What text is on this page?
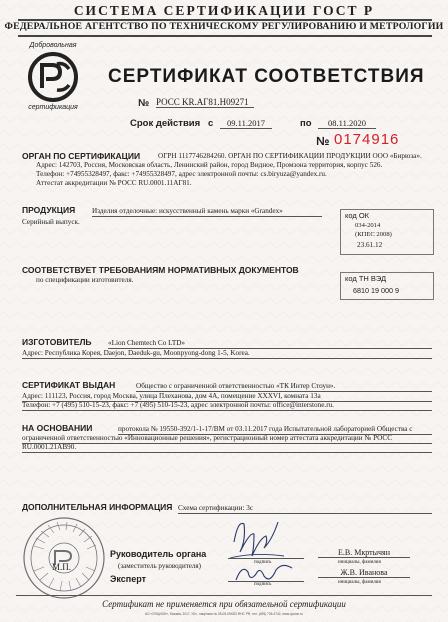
СИСТЕМА СЕРТИФИКАЦИИ ГОСТ Р
ФЕДЕРАЛЬНОЕ АГЕНТСТВО ПО ТЕХНИЧЕСКОМУ РЕГУЛИРОВАНИЮ И МЕТРОЛОГИИ
Добровольная
сертификация
СЕРТИФИКАТ СООТВЕТСТВИЯ
№ РОСС KR.АГ81.H09271
Срок действия с	09.11.2017	по	08.11.2020
№ 0174916
ОРГАН ПО СЕРТИФИКАЦИИ ОГРН 1117746284260. ОРГАН ПО СЕРТИФИКАЦИИ ПРОДУКЦИИ ООО «Бирюза».
Адрес: 142703, Россия, Московская область, Ленинский район, город Видное, Промзона территория, корпус 526.
Телефон: +74955328497, факс: +74955328497, адрес электронной почты: cs.biryuza@yandex.ru.
Аттестат аккредитации № РОСС RU.0001.11АГ81.
ПРОДУКЦИЯ Изделия отделочные: искусственный камень марки «Grandex»
Серийный выпуск.
код ОК
034-2014
(КПЕС 2008)
23.61.12
СООТВЕТСТВУЕТ ТРЕБОВАНИЯМ НОРМАТИВНЫХ ДОКУМЕНТОВ
по спецификации изготовителя.	код ТН ВЭД
6810 19 000 9
ИЗГОТОВИТЕЛЬ «Lion Chemtech Co LTD»
Адрес: Республика Корея, Daejon, Daeduk-gu, Moonpyong-dong 1-5, Korea.
СЕРТИФИКАТ ВЫДАН	Общество с ограниченной ответственностью «ТК Интер Стоун».
Адрес: 111123, Россия, город Москва, улица Плеханова, дом 4А, помещение XXXVI, комната 13а
Телефон: +7 (495) 510-15-23, факс: +7 (495) 510-15-23, адрес электронной почты: office@interstone.ru.
НА ОСНОВАНИИ	протокола № 19550-392/1-1-17/ВМ от 03.11.2017 года Испытательной лабораторией Общества с
ограниченной ответственностью «Инновационные решения», регистрационный номер аттестата аккредитации № РОСС
RU.0001.21АВ90.
ДОПОЛНИТЕЛЬНАЯ ИНФОРМАЦИЯ Схема сертификации: 3с
М.П.
Руководитель органа
(заместитель руководителя)	подпись
Е.В. Мкртычян
инициалы, фамилия
Эксперт
подпись
Ж.В. Иванова
инициалы, фамилия
Сертификат не применяется при обязательной сертификации
АО «ОПЦИОН», Москва, 2017, «Б», лицензия № 05-05-09/003 ФНС РФ, тел. (495) 726-4742, www.opcion.ru
